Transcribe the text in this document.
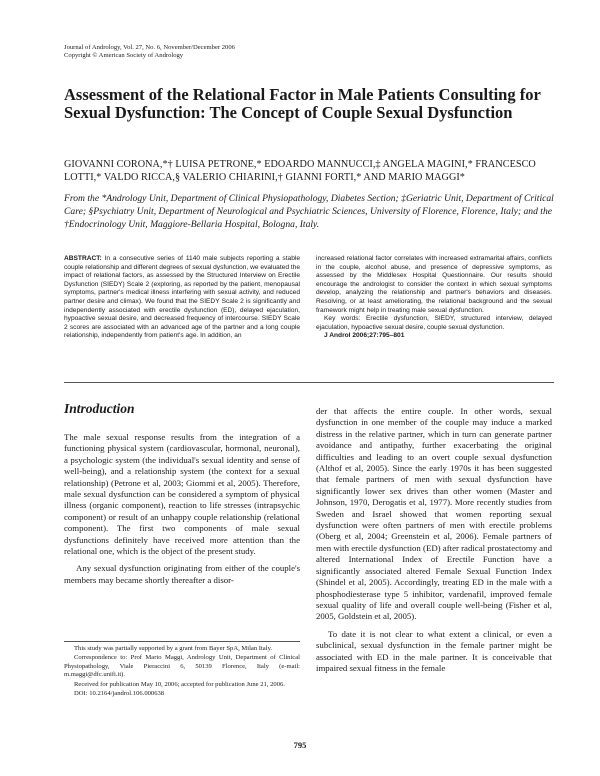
Journal of Andrology, Vol. 27, No. 6, November/December 2006
Copyright © American Society of Andrology
Assessment of the Relational Factor in Male Patients Consulting for Sexual Dysfunction: The Concept of Couple Sexual Dysfunction
GIOVANNI CORONA,*† LUISA PETRONE,* EDOARDO MANNUCCI,‡ ANGELA MAGINI,* FRANCESCO LOTTI,* VALDO RICCA,§ VALERIO CHIARINI,† GIANNI FORTI,* AND MARIO MAGGI*
From the *Andrology Unit, Department of Clinical Physiopathology, Diabetes Section; ‡Geriatric Unit, Department of Critical Care; §Psychiatry Unit, Department of Neurological and Psychiatric Sciences, University of Florence, Florence, Italy; and the †Endocrinology Unit, Maggiore-Bellaria Hospital, Bologna, Italy.
ABSTRACT: In a consecutive series of 1140 male subjects reporting a stable couple relationship and different degrees of sexual dysfunction, we evaluated the impact of relational factors, as assessed by the Structured Interview on Erectile Dysfunction (SIEDY) Scale 2 (exploring, as reported by the patient, menopausal symptoms, partner's medical illness interfering with sexual activity, and reduced partner desire and climax). We found that the SIEDY Scale 2 is significantly and independently associated with erectile dysfunction (ED), delayed ejaculation, hypoactive sexual desire, and decreased frequency of intercourse. SIEDY Scale 2 scores are associated with an advanced age of the partner and a long couple relationship, independently from patient's age. In addition, an

increased relational factor correlates with increased extramarital affairs, conflicts in the couple, alcohol abuse, and presence of depressive symptoms, as assessed by the Middlesex Hospital Questionnaire. Our results should encourage the andrologist to consider the context in which sexual symptoms develop, analyzing the relationship and partner's behaviors and diseases. Resolving, or at least ameliorating, the relational background and the sexual framework might help in treating male sexual dysfunction.

Key words: Erectile dysfunction, SIEDY, structured interview, delayed ejaculation, hypoactive sexual desire, couple sexual dysfunction.

J Androl 2006;27:795–801

Introduction

The male sexual response results from the integration of a functioning physical system (cardiovascular, hormonal, neuronal), a psychologic system (the individual's sexual identity and sense of well-being), and a relationship system (the context for a sexual relationship) (Petrone et al, 2003; Giommi et al, 2005). Therefore, male sexual dysfunction can be considered a symptom of physical illness (organic component), reaction to life stresses (intrapsychic component) or result of an unhappy couple relationship (relational component). The first two components of male sexual dysfunctions definitely have received more attention than the relational one, which is the object of the present study.

Any sexual dysfunction originating from either of the couple's members may became shortly thereafter a disor-

der that affects the entire couple. In other words, sexual dysfunction in one member of the couple may induce a marked distress in the relative partner, which in turn can generate partner avoidance and antipathy, further exacerbating the original difficulties and leading to an overt couple sexual dysfunction (Althof et al, 2005). Since the early 1970s it has been suggested that female partners of men with sexual dysfunction have significantly lower sex drives than other women (Master and Johnson, 1970, Derogatis et al, 1977). More recently studies from Sweden and Israel showed that women reporting sexual dysfunction were often partners of men with erectile problems (Oberg et al, 2004; Greenstein et al, 2006). Female partners of men with erectile dysfunction (ED) after radical prostatectomy and altered International Index of Erectile Function have a significantly associated altered Female Sexual Function Index (Shindel et al, 2005). Accordingly, treating ED in the male with a phosphodiesterase type 5 inhibitor, vardenafil, improved female sexual quality of life and overall couple well-being (Fisher et al, 2005, Goldstein et al, 2005).

To date it is not clear to what extent a clinical, or even a subclinical, sexual dysfunction in the female partner might be associated with ED in the male partner. It is conceivable that impaired sexual fitness in the female

This study was partially supported by a grant from Bayer SpA, Milan Italy.

Correspondence to: Prof Mario Maggi, Andrology Unit, Department of Clinical Physiopathology, Viale Pieraccini 6, 50139 Florence, Italy (e-mail: m.maggi@dfc.unifi.it).

Received for publication May 10, 2006; accepted for publication June 21, 2006.

DOI: 10.2164/jandrol.106.000638

795
